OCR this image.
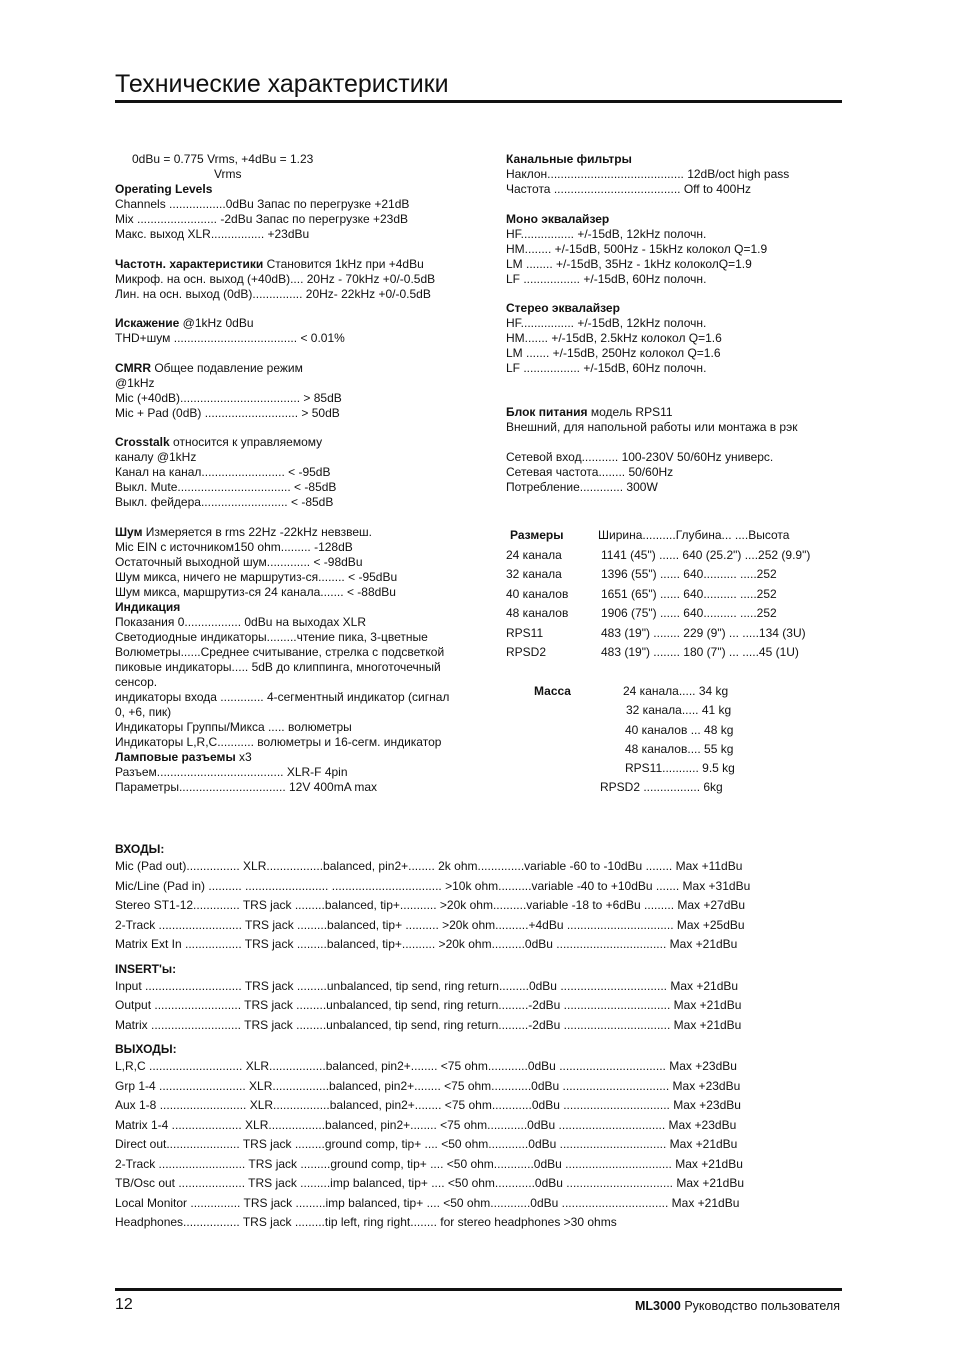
Технические характеристики
0dBu = 0.775 Vrms, +4dBu = 1.23
Vrms
Operating Levels
Channels .................0dBu Запас по перегрузке +21dB
Mix ........................ -2dBu Запас по перегрузке +23dB
Макс. выход XLR................ +23dBu
Частотн. характеристики Становится 1kHz при +4dBu
Микроф. на осн. выход (+40dB).... 20Hz - 70kHz +0/-0.5dB
Лин. на осн. выход (0dB)............... 20Hz- 22kHz +0/-0.5dB
Искажение @1kHz 0dBu
THD+шум ..................................... < 0.01%
CMRR Общее подавление режим
@1kHz
Mic (+40dB).................................... > 85dB
Mic + Pad (0dB) ............................ > 50dB
Crosstalk относится к управляемому
каналу @1kHz
Канал на канал......................... < -95dB
Выкл. Mute.................................. < -85dB
Выкл. фейдера.......................... < -85dB
Шум Измеряется в rms 22Hz -22kHz невзвеш.
Mic EIN с источником150 ohm......... -128dB
Остаточный выходной шум............. < -98dBu
Шум микса, ничего не маршрутиз-ся........ < -95dBu
Шум микса, маршрутиз-ся 24 канала....... < -88dBu
Индикация
Показания 0................. 0dBu на выходах XLR
Светодиодные индикаторы.........чтение пика, 3-цветные
Волюметры......Среднее считывание, стрелка с подсветкой
пиковые индикаторы..... 5dB до клиппинга, многоточечный
сенсор.
индикаторы входа ............. 4-сегментный индикатор (сигнал
0, +6, пик)
Индикаторы Группы/Микса ..... волюметры
Индикаторы L,R,C........... волюметры и 16-сегм. индикатор
Ламповые разъемы x3
Разъем...................................... XLR-F 4pin
Параметры................................ 12V 400mA max
Канальные фильтры
Наклон......................................... 12dB/oct high pass
Частота ...................................... Off to 400Hz
Моно эквалайзер
HF................ +/-15dB, 12kHz полочн.
HM........ +/-15dB, 500Hz - 15kHz колокол Q=1.9
LM ........ +/-15dB, 35Hz - 1kHz колоколQ=1.9
LF ................. +/-15dB, 60Hz полочн.
Стерео эквалайзер
HF................ +/-15dB, 12kHz полочн.
HM....... +/-15dB, 2.5kHz колокол Q=1.6
LM ....... +/-15dB, 250Hz колокол Q=1.6
LF ................. +/-15dB, 60Hz полочн.
Блок питания модель RPS11
Внешний, для напольной работы или монтажа в рэк
Сетевой вход........... 100-230V 50/60Hz универс.
Сетевая частота........ 50/60Hz
Потребление............. 300W
Размеры	Ширина..........Глубина... ....Высота
24 канала	1141 (45") ...... 640 (25.2") ....252 (9.9")
32 канала	1396 (55") ...... 640.......... .....252
40 каналов	1651 (65") ...... 640.......... .....252
48 каналов	1906 (75") ...... 640.......... .....252
RPS11	483 (19") ........ 229 (9") ... .....134 (3U)
RPSD2	483 (19") ........ 180 (7") ... .....45 (1U)
Масса	24 канала..... 34 kg
32 канала..... 41 kg
40 каналов ... 48 kg
48 каналов.... 55 kg
RPS11........... 9.5 kg
RPSD2 ................. 6kg
ВХОДЫ:
Mic (Pad out)................ XLR.................balanced, pin2+........ 2k ohm..............variable -60 to -10dBu ........ Max +11dBu
Mic/Line (Pad in) .......... ......................... ................................. >10k ohm..........variable -40 to +10dBu ....... Max +31dBu
Stereo ST1-12.............. TRS jack .........balanced, tip+........... >20k ohm..........variable -18 to +6dBu ......... Max +27dBu
2-Track ......................... TRS jack .........balanced, tip+ .......... >20k ohm..........+4dBu ................................ Max +25dBu
Matrix Ext In ................. TRS jack .........balanced, tip+.......... >20k ohm..........0dBu ................................. Max +21dBu
INSERT'ы:
Input ............................. TRS jack .........unbalanced, tip send, ring return.........0dBu ................................ Max +21dBu
Output .......................... TRS jack .........unbalanced, tip send, ring return.........-2dBu ................................ Max +21dBu
Matrix ........................... TRS jack .........unbalanced, tip send, ring return.........-2dBu ................................ Max +21dBu
ВЫХОДЫ:
L,R,C ............................ XLR.................balanced, pin2+........ <75 ohm............0dBu ................................ Max +23dBu
Grp 1-4 .......................... XLR.................balanced, pin2+........ <75 ohm............0dBu ................................ Max +23dBu
Aux 1-8 .......................... XLR.................balanced, pin2+........ <75 ohm............0dBu ................................ Max +23dBu
Matrix 1-4 ..................... XLR.................balanced, pin2+........ <75 ohm............0dBu ................................ Max +23dBu
Direct out...................... TRS jack .........ground comp, tip+ .... <50 ohm............0dBu ................................ Max +21dBu
2-Track .......................... TRS jack .........ground comp, tip+ .... <50 ohm............0dBu ................................ Max +21dBu
TB/Osc out .................... TRS jack .........imp balanced, tip+ .... <50 ohm............0dBu ................................ Max +21dBu
Local Monitor ............... TRS jack .........imp balanced, tip+ .... <50 ohm............0dBu ................................ Max +21dBu
Headphones................. TRS jack .........tip left, ring right........ for stereo headphones >30 ohms
12	ML3000 Руководство пользователя
